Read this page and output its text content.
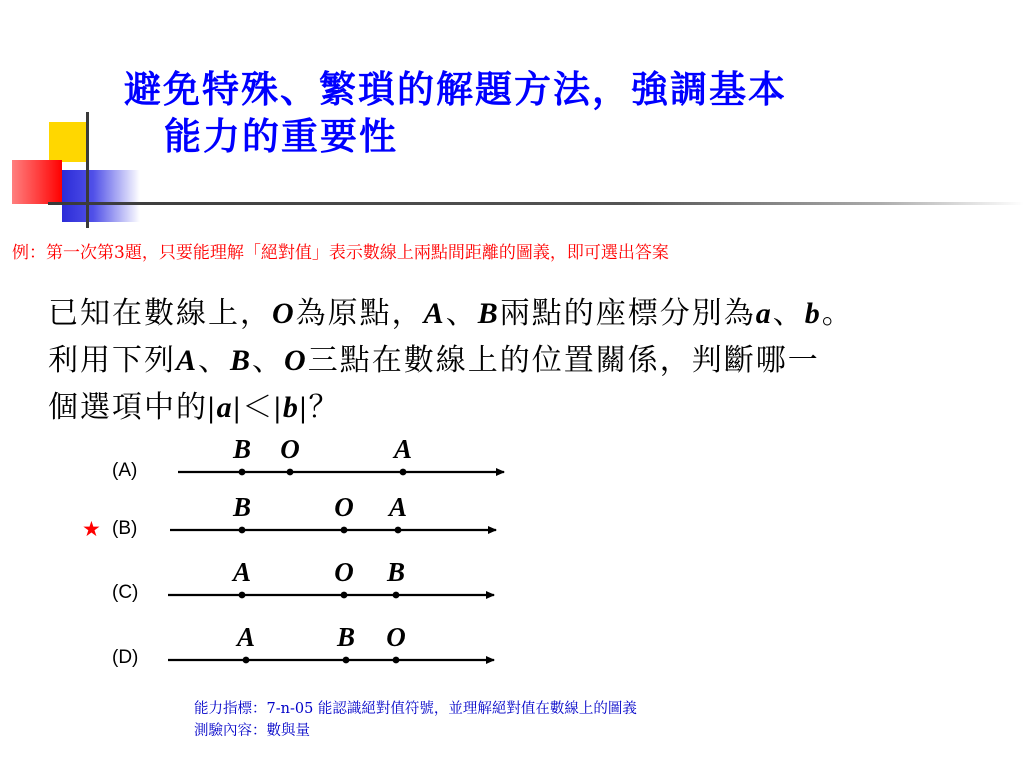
避免特殊、繁瑣的解題方法，強調基本
能力的重要性
例：第一次第3題，只要能理解「絕對值」表示數線上兩點間距離的圖義，即可選出答案
已知在數線上，O為原點，A、B兩點的座標分別為a、b。
利用下列A、B、O三點在數線上的位置關係，判斷哪一
個選項中的|a|＜|b|？
(A)
(B)
(C)
(D)
★
B O	A
B	O A
A	O B
A	B O
能力指標：7-n-05 能認識絕對值符號，並理解絕對值在數線上的圖義
測驗內容：數與量
